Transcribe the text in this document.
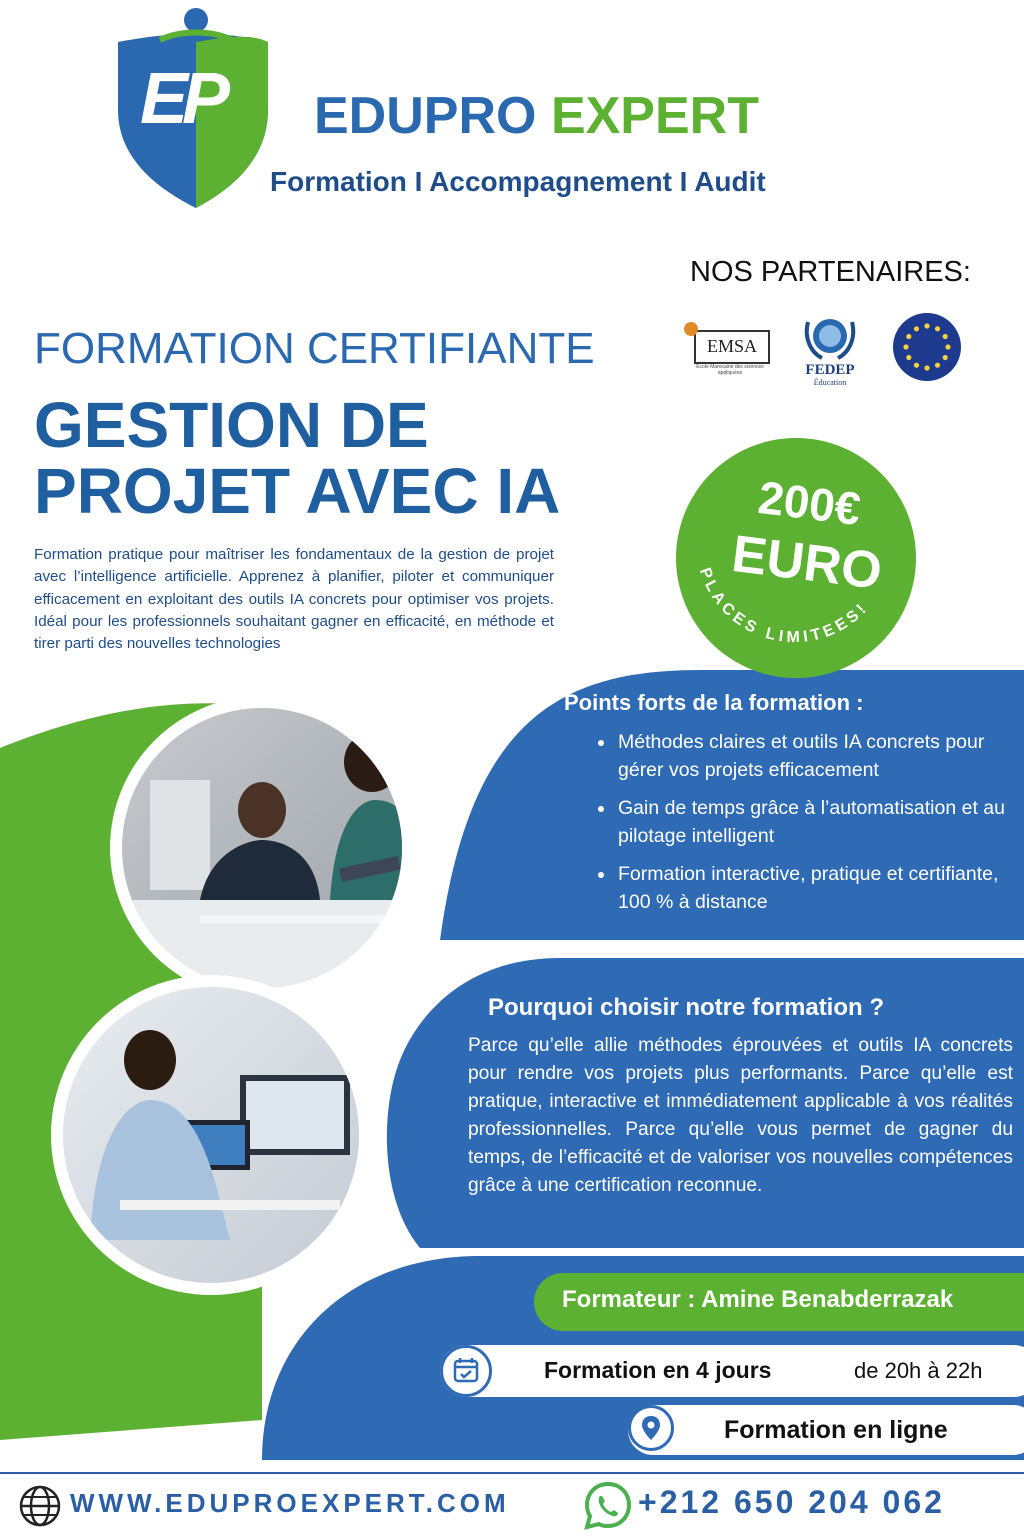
EP EDUPRO EXPERT
Formation I Accompagnement I Audit
NOS PARTENAIRES:
EMSA
Ecole Marocaine des sciences appliquées	FEDEP
Éducation
FORMATION CERTIFIANTE
GESTION DE
PROJET AVEC IA
Formation pratique pour maîtriser les fondamentaux de la gestion de projet avec l’intelligence artificielle. Apprenez à planifier, piloter et communiquer efficacement en exploitant des outils IA concrets pour optimiser vos projets. Idéal pour les professionnels souhaitant gagner en efficacité, en méthode et tirer parti des nouvelles technologies
200€
EURO
PLACES LIMITEES!
Points forts de la formation :
Méthodes claires et outils IA concrets pour gérer vos projets efficacement
Gain de temps grâce à l’automatisation et au pilotage intelligent
Formation interactive, pratique et certifiante, 100 % à distance
Pourquoi choisir notre formation ?
Parce qu’elle allie méthodes éprouvées et outils IA concrets pour rendre vos projets plus performants. Parce qu’elle est pratique, interactive et immédiatement applicable à vos réalités professionnelles. Parce qu’elle vous permet de gagner du temps, de l’efficacité et de valoriser vos nouvelles compétences grâce à une certification reconnue.
Formateur : Amine Benabderrazak
Formation en 4 jours	de 20h à 22h
Formation en ligne
WWW.EDUPROEXPERT.COM	+212 650 204 062
